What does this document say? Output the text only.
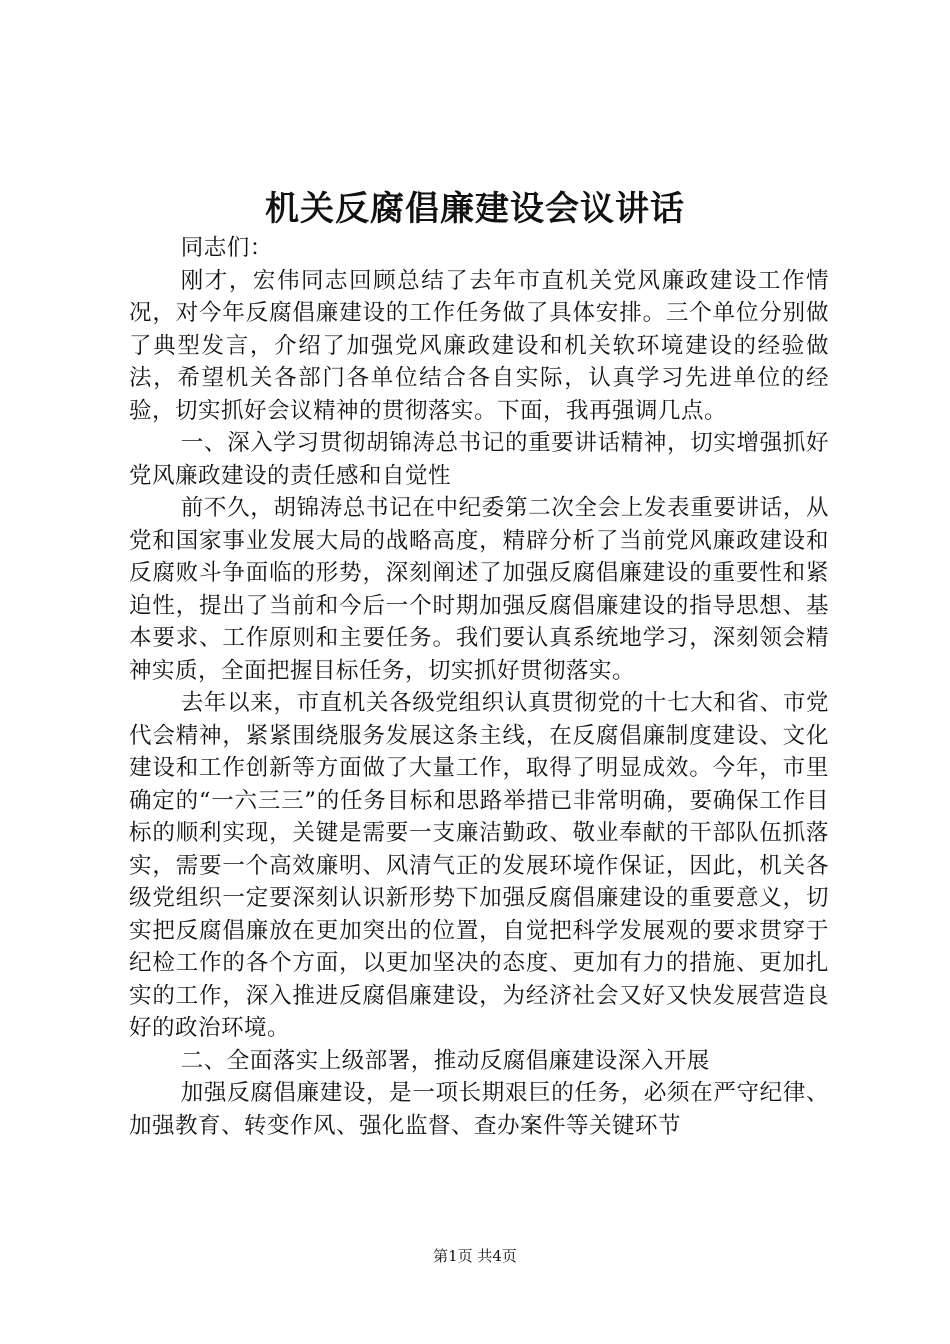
机关反腐倡廉建设会议讲话

同志们：

刚才，宏伟同志回顾总结了去年市直机关党风廉政建设工作情况，对今年反腐倡廉建设的工作任务做了具体安排。三个单位分别做了典型发言，介绍了加强党风廉政建设和机关软环境建设的经验做法，希望机关各部门各单位结合各自实际，认真学习先进单位的经验，切实抓好会议精神的贯彻落实。下面，我再强调几点。

一、深入学习贯彻胡锦涛总书记的重要讲话精神，切实增强抓好党风廉政建设的责任感和自觉性

前不久，胡锦涛总书记在中纪委第二次全会上发表重要讲话，从党和国家事业发展大局的战略高度，精辟分析了当前党风廉政建设和反腐败斗争面临的形势，深刻阐述了加强反腐倡廉建设的重要性和紧迫性，提出了当前和今后一个时期加强反腐倡廉建设的指导思想、基本要求、工作原则和主要任务。我们要认真系统地学习，深刻领会精神实质，全面把握目标任务，切实抓好贯彻落实。

去年以来，市直机关各级党组织认真贯彻党的十七大和省、市党代会精神，紧紧围绕服务发展这条主线，在反腐倡廉制度建设、文化建设和工作创新等方面做了大量工作，取得了明显成效。今年，市里确定的“一六三三”的任务目标和思路举措已非常明确，要确保工作目标的顺利实现，关键是需要一支廉洁勤政、敬业奉献的干部队伍抓落实，需要一个高效廉明、风清气正的发展环境作保证，因此，机关各级党组织一定要深刻认识新形势下加强反腐倡廉建设的重要意义，切实把反腐倡廉放在更加突出的位置，自觉把科学发展观的要求贯穿于纪检工作的各个方面，以更加坚决的态度、更加有力的措施、更加扎实的工作，深入推进反腐倡廉建设，为经济社会又好又快发展营造良好的政治环境。

二、全面落实上级部署，推动反腐倡廉建设深入开展

加强反腐倡廉建设，是一项长期艰巨的任务，必须在严守纪律、加强教育、转变作风、强化监督、查办案件等关键环节

第1页 共4页
